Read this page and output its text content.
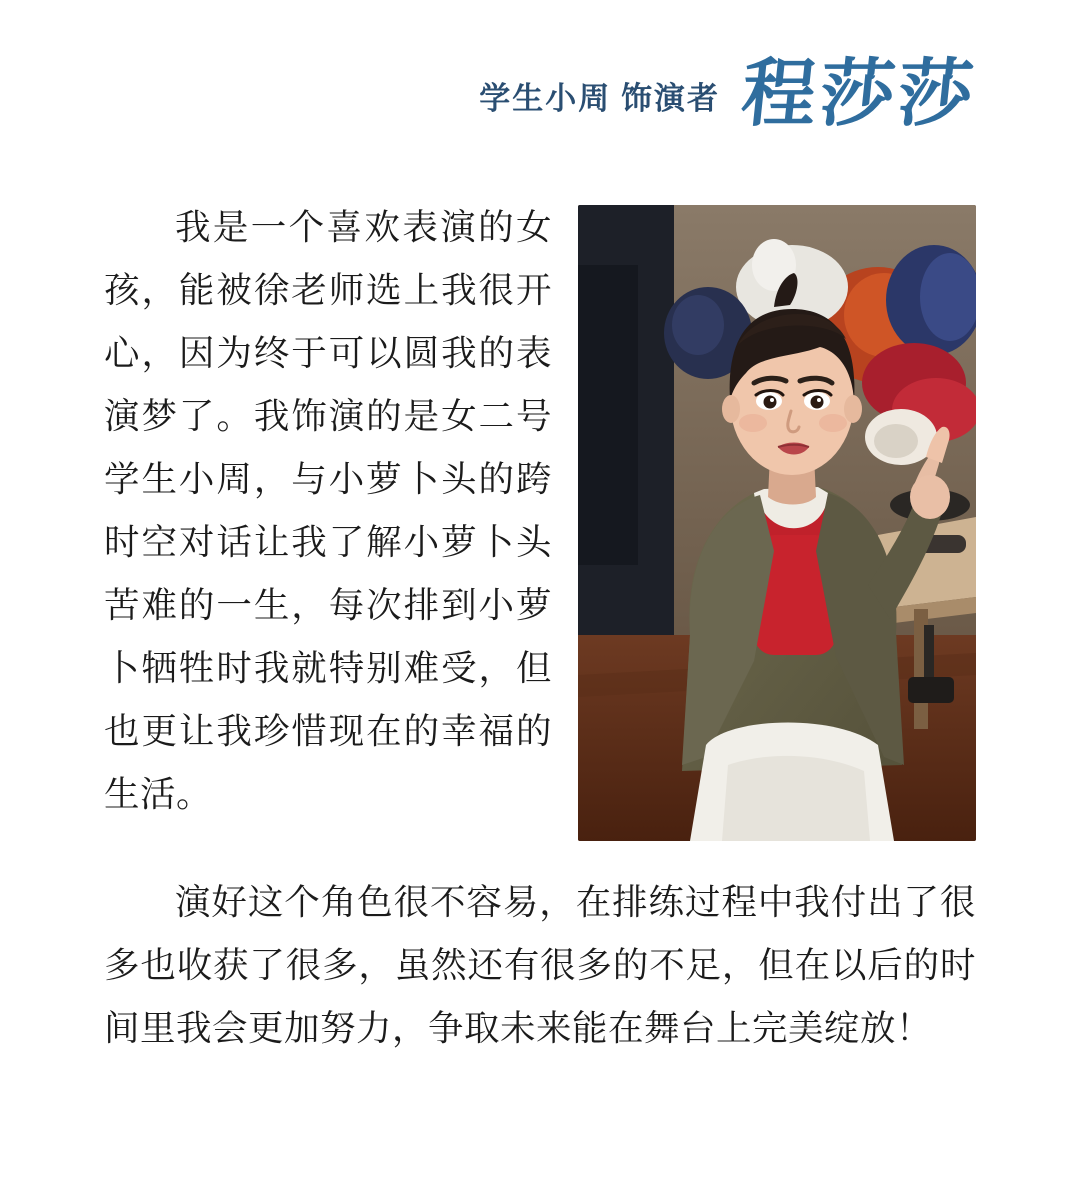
学生小周 饰演者 程莎莎
我是一个喜欢表演的女孩，能被徐老师选上我很开心，因为终于可以圆我的表演梦了。我饰演的是女二号学生小周，与小萝卜头的跨时空对话让我了解小萝卜头苦难的一生，每次排到小萝卜牺牲时我就特别难受，但也更让我珍惜现在的幸福的生活。
演好这个角色很不容易，在排练过程中我付出了很多也收获了很多，虽然还有很多的不足，但在以后的时间里我会更加努力，争取未来能在舞台上完美绽放！
